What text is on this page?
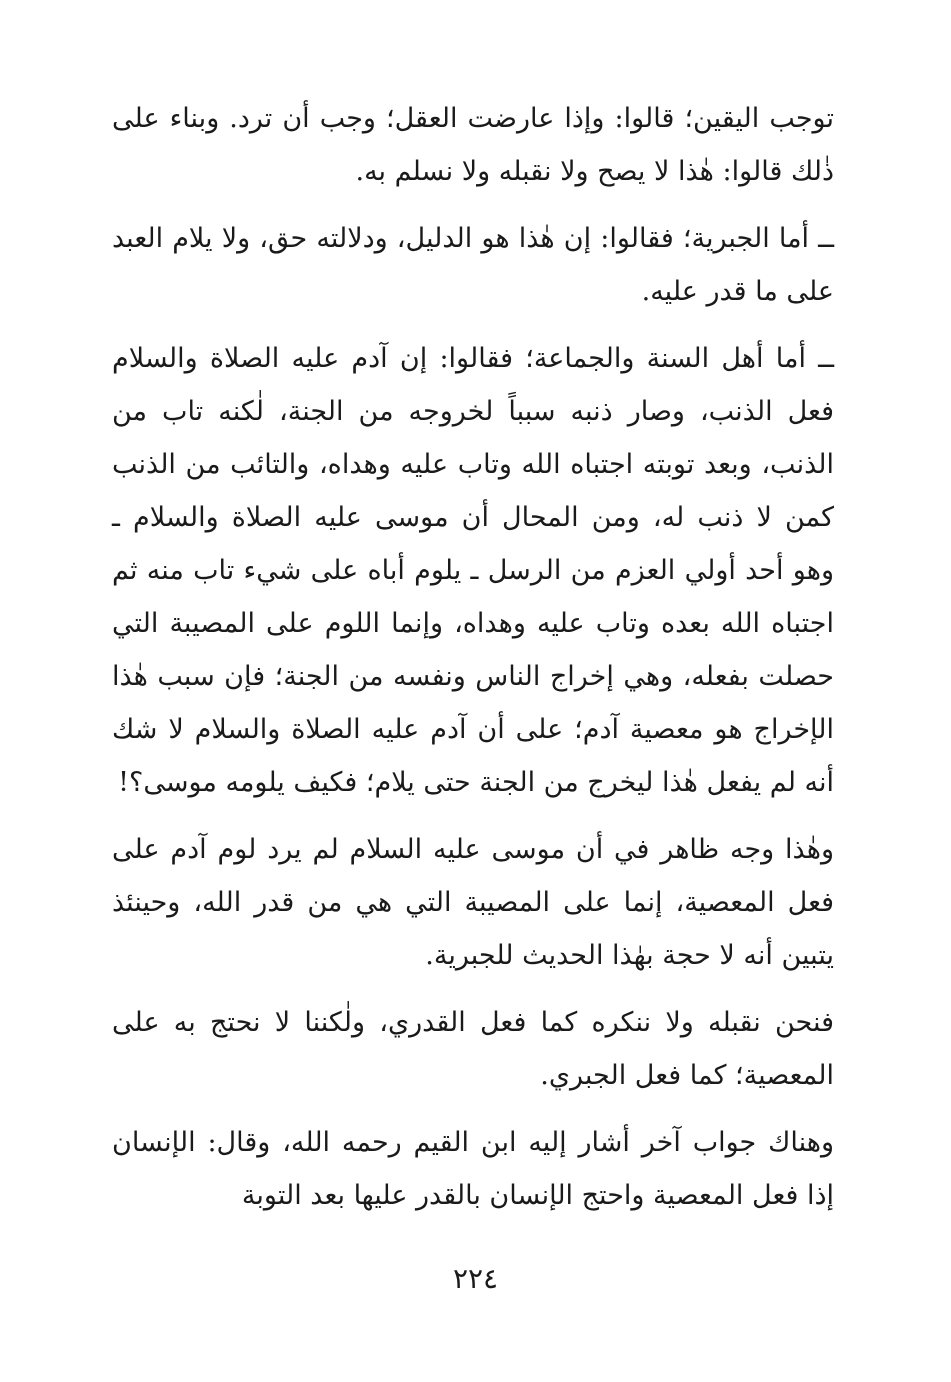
توجب اليقين؛ قالوا: وإذا عارضت العقل؛ وجب أن ترد. وبناء على ذٰلك قالوا: هٰذا لا يصح ولا نقبله ولا نسلم به.

ــ أما الجبرية؛ فقالوا: إن هٰذا هو الدليل، ودلالته حق، ولا يلام العبد على ما قدر عليه.

ــ أما أهل السنة والجماعة؛ فقالوا: إن آدم عليه الصلاة والسلام فعل الذنب، وصار ذنبه سبباً لخروجه من الجنة، لٰكنه تاب من الذنب، وبعد توبته اجتباه الله وتاب عليه وهداه، والتائب من الذنب كمن لا ذنب له، ومن المحال أن موسى عليه الصلاة والسلام ـ وهو أحد أولي العزم من الرسل ـ يلوم أباه على شيء تاب منه ثم اجتباه الله بعده وتاب عليه وهداه، وإنما اللوم على المصيبة التي حصلت بفعله، وهي إخراج الناس ونفسه من الجنة؛ فإن سبب هٰذا الإخراج هو معصية آدم؛ على أن آدم عليه الصلاة والسلام لا شك أنه لم يفعل هٰذا ليخرج من الجنة حتى يلام؛ فكيف يلومه موسى؟!

وهٰذا وجه ظاهر في أن موسى عليه السلام لم يرد لوم آدم على فعل المعصية، إنما على المصيبة التي هي من قدر الله، وحينئذ يتبين أنه لا حجة بهٰذا الحديث للجبرية.

فنحن نقبله ولا ننكره كما فعل القدري، ولٰكننا لا نحتج به على المعصية؛ كما فعل الجبري.

وهناك جواب آخر أشار إليه ابن القيم رحمه الله، وقال: الإنسان إذا فعل المعصية واحتج الإنسان بالقدر عليها بعد التوبة

٢٢٤
